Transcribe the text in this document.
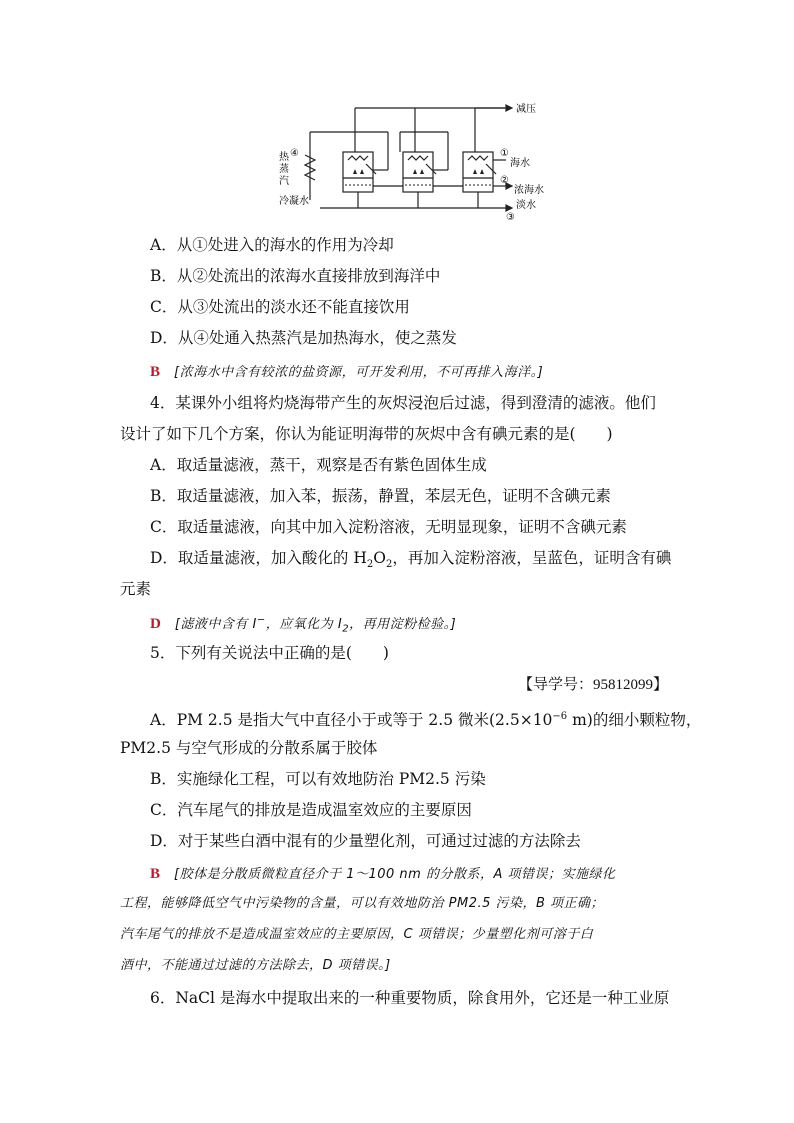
减压
①
海水
②
浓海水
淡水
③
④
热
蒸
汽
冷凝水
A．从①处进入的海水的作用为冷却
B．从②处流出的浓海水直接排放到海洋中
C．从③处流出的淡水还不能直接饮用
D．从④处通入热蒸汽是加热海水，使之蒸发
B [浓海水中含有较浓的盐资源，可开发利用，不可再排入海洋。]
4．某课外小组将灼烧海带产生的灰烬浸泡后过滤，得到澄清的滤液。他们
设计了如下几个方案，你认为能证明海带的灰烬中含有碘元素的是(　　)
A．取适量滤液，蒸干，观察是否有紫色固体生成
B．取适量滤液，加入苯，振荡，静置，苯层无色，证明不含碘元素
C．取适量滤液，向其中加入淀粉溶液，无明显现象，证明不含碘元素
D．取适量滤液，加入酸化的 $H_2O_2$，再加入淀粉溶液，呈蓝色，证明含有碘
元素
D [滤液中含有 I−，应氧化为 $I_2$，再用淀粉检验。]
5．下列有关说法中正确的是(　　)
【导学号：95812099】
A．PM 2.5 是指大气中直径小于或等于 2.5 微米($2.5\times 10^{-6}$ m)的细小颗粒物，
PM2.5 与空气形成的分散系属于胶体
B．实施绿化工程，可以有效地防治 PM2.5 污染
C．汽车尾气的排放是造成温室效应的主要原因
D．对于某些白酒中混有的少量塑化剂，可通过过滤的方法除去
B [胶体是分散质微粒直径介于 1～100 nm 的分散系，A 项错误；实施绿化
工程，能够降低空气中污染物的含量，可以有效地防治 PM2.5 污染，B 项正确；
汽车尾气的排放不是造成温室效应的主要原因，C 项错误；少量塑化剂可溶于白
酒中，不能通过过滤的方法除去，D 项错误。]
6．NaCl 是海水中提取出来的一种重要物质，除食用外，它还是一种工业原
